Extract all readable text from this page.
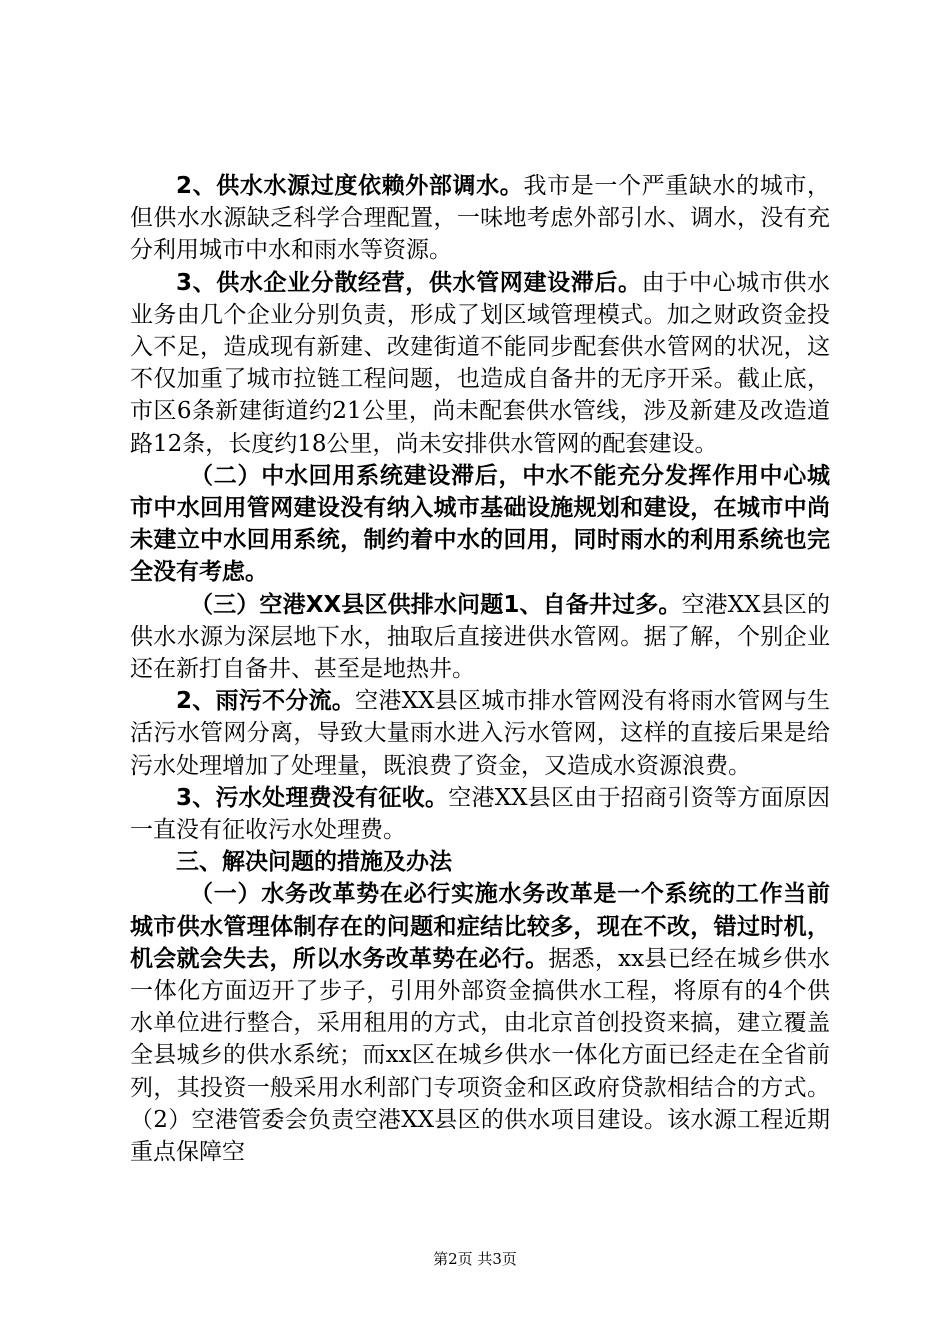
2、供水水源过度依赖外部调水。我市是一个严重缺水的城市，但供水水源缺乏科学合理配置，一味地考虑外部引水、调水，没有充分利用城市中水和雨水等资源。

3、供水企业分散经营，供水管网建设滞后。由于中心城市供水业务由几个企业分别负责，形成了划区域管理模式。加之财政资金投入不足，造成现有新建、改建街道不能同步配套供水管网的状况，这不仅加重了城市拉链工程问题，也造成自备井的无序开采。截止底，市区6条新建街道约21公里，尚未配套供水管线，涉及新建及改造道路12条，长度约18公里，尚未安排供水管网的配套建设。

（二）中水回用系统建设滞后，中水不能充分发挥作用中心城市中水回用管网建设没有纳入城市基础设施规划和建设，在城市中尚未建立中水回用系统，制约着中水的回用，同时雨水的利用系统也完全没有考虑。

（三）空港XX县区供排水问题1、自备井过多。空港XX县区的供水水源为深层地下水，抽取后直接进供水管网。据了解，个别企业还在新打自备井、甚至是地热井。

2、雨污不分流。空港XX县区城市排水管网没有将雨水管网与生活污水管网分离，导致大量雨水进入污水管网，这样的直接后果是给污水处理增加了处理量，既浪费了资金，又造成水资源浪费。

3、污水处理费没有征收。空港XX县区由于招商引资等方面原因一直没有征收污水处理费。

三、解决问题的措施及办法

（一）水务改革势在必行实施水务改革是一个系统的工作当前城市供水管理体制存在的问题和症结比较多，现在不改，错过时机，机会就会失去，所以水务改革势在必行。据悉，xx县已经在城乡供水一体化方面迈开了步子，引用外部资金搞供水工程，将原有的4个供水单位进行整合，采用租用的方式，由北京首创投资来搞，建立覆盖全县城乡的供水系统；而xx区在城乡供水一体化方面已经走在全省前列，其投资一般采用水利部门专项资金和区政府贷款相结合的方式。（2）空港管委会负责空港XX县区的供水项目建设。该水源工程近期重点保障空

第2页 共3页
